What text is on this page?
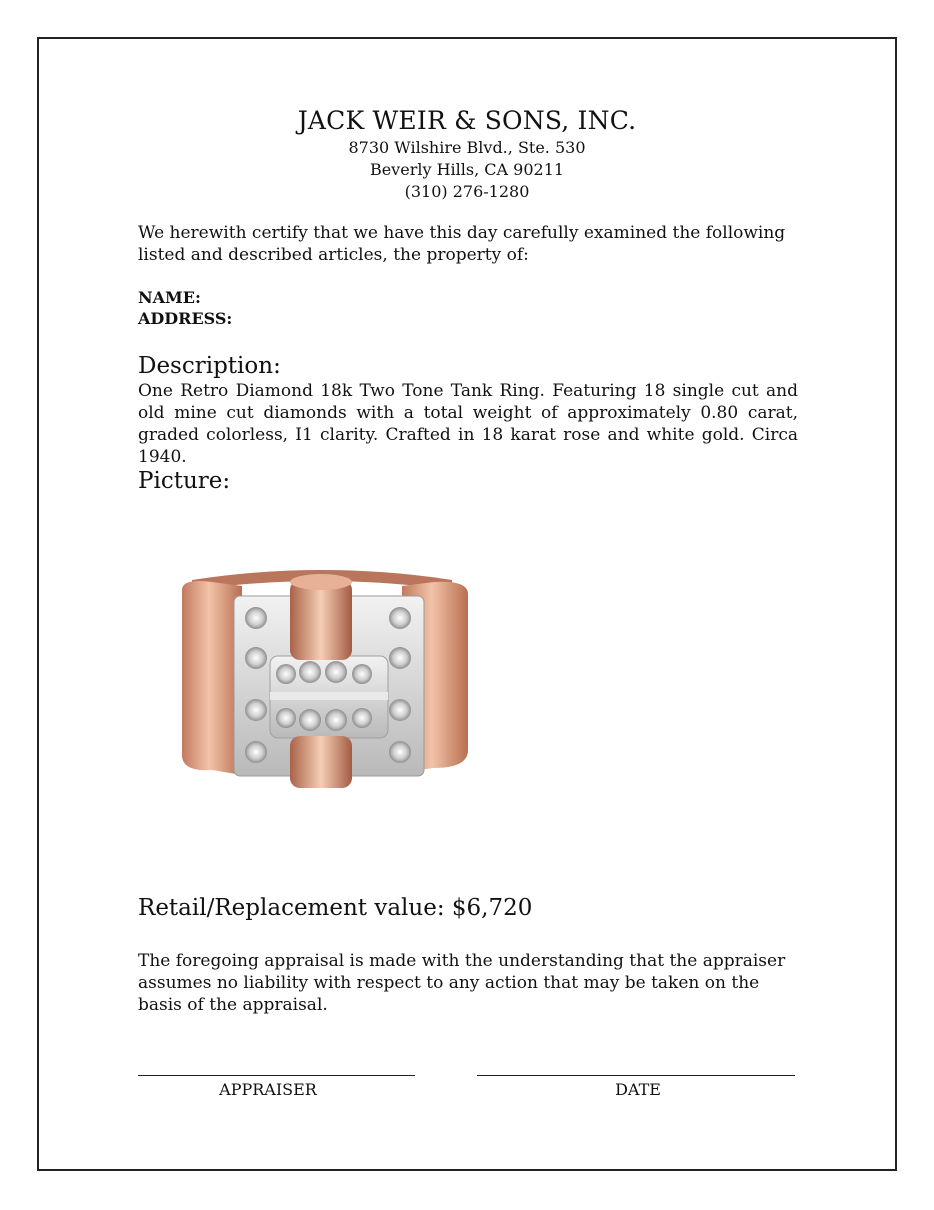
JACK WEIR & SONS, INC.
8730 Wilshire Blvd., Ste. 530
Beverly Hills, CA 90211
(310) 276-1280
We herewith certify that we have this day carefully examined the following listed and described articles, the property of:
NAME:
ADDRESS:
Description:
One Retro Diamond 18k Two Tone Tank Ring. Featuring 18 single cut and old mine cut diamonds with a total weight of approximately 0.80 carat, graded colorless, I1 clarity. Crafted in 18 karat rose and white gold. Circa 1940.
Picture:
Retail/Replacement value: $6,720
The foregoing appraisal is made with the understanding that the appraiser assumes no liability with respect to any action that may be taken on the basis of the appraisal.
APPRAISER	DATE
